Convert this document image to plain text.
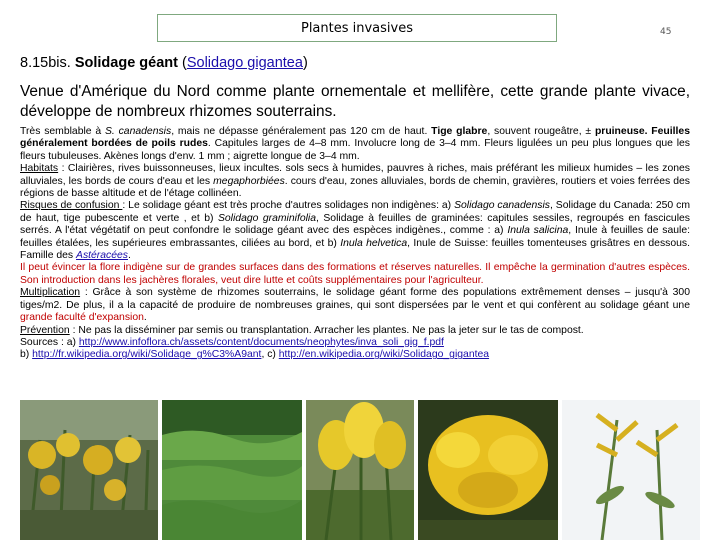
Plantes invasives	45
8.15bis. Solidage géant (Solidago gigantea)
Venue d'Amérique du Nord comme plante ornementale et mellifère, cette grande plante vivace, développe de nombreux rhizomes souterrains.

Très semblable à S. canadensis, mais ne dépasse généralement pas 120 cm de haut. Tige glabre, souvent rougeâtre, ± pruineuse. Feuilles généralement bordées de poils rudes. Capitules larges de 4–8 mm. Involucre long de 3–4 mm. Fleurs ligulées un peu plus longues que les fleurs tubuleuses. Akènes longs d'env. 1 mm ; aigrette longue de 3–4 mm.

Habitats : Clairières, rives buissonneuses, lieux incultes. sols secs à humides, pauvres à riches, mais préférant les milieux humides – les zones alluviales, les bords de cours d'eau et les megaphorbiées. cours d'eau, zones alluviales, bords de chemin, gravières, routiers et voies ferrées des régions de basse altitude et de l'étage collinéen.

Risques de confusion : Le solidage géant est très proche d'autres solidages non indigènes: a) Solidago canadensis, Solidage du Canada: 250 cm de haut, tige pubescente et verte , et b) Solidago graminifolia, Solidage à feuilles de graminées: capitules sessiles, regroupés en fascicules serrés. A l'état végétatif on peut confondre le solidage géant avec des espèces indigènes., comme : a) Inula salicina, Inule à feuilles de saule: feuilles étalées, les supérieures embrassantes, ciliées au bord, et b) Inula helvetica, Inule de Suisse: feuilles tomenteuses grisâtres en dessous. Famille des Astéracées.

Il peut évincer la flore indigène sur de grandes surfaces dans des formations et réserves naturelles. Il empêche la germination d'autres espèces. Son introduction dans les jachères florales, veut dire lutte et coûts supplémentaires pour l'agriculteur.

Multiplication : Grâce à son système de rhizomes souterrains, le solidage géant forme des populations extrêmement denses – jusqu'à 300 tiges/m2. De plus, il a la capacité de produire de nombreuses graines, qui sont dispersées par le vent et qui confèrent au solidage géant une grande faculté d'expansion.

Prévention : Ne pas la disséminer par semis ou transplantation. Arracher les plantes. Ne pas la jeter sur le tas de compost.

Sources : a) http://www.infoflora.ch/assets/content/documents/neophytes/inva_soli_gig_f.pdf

b) http://fr.wikipedia.org/wiki/Solidage_g%C3%A9ant, c) http://en.wikipedia.org/wiki/Solidago_gigantea
